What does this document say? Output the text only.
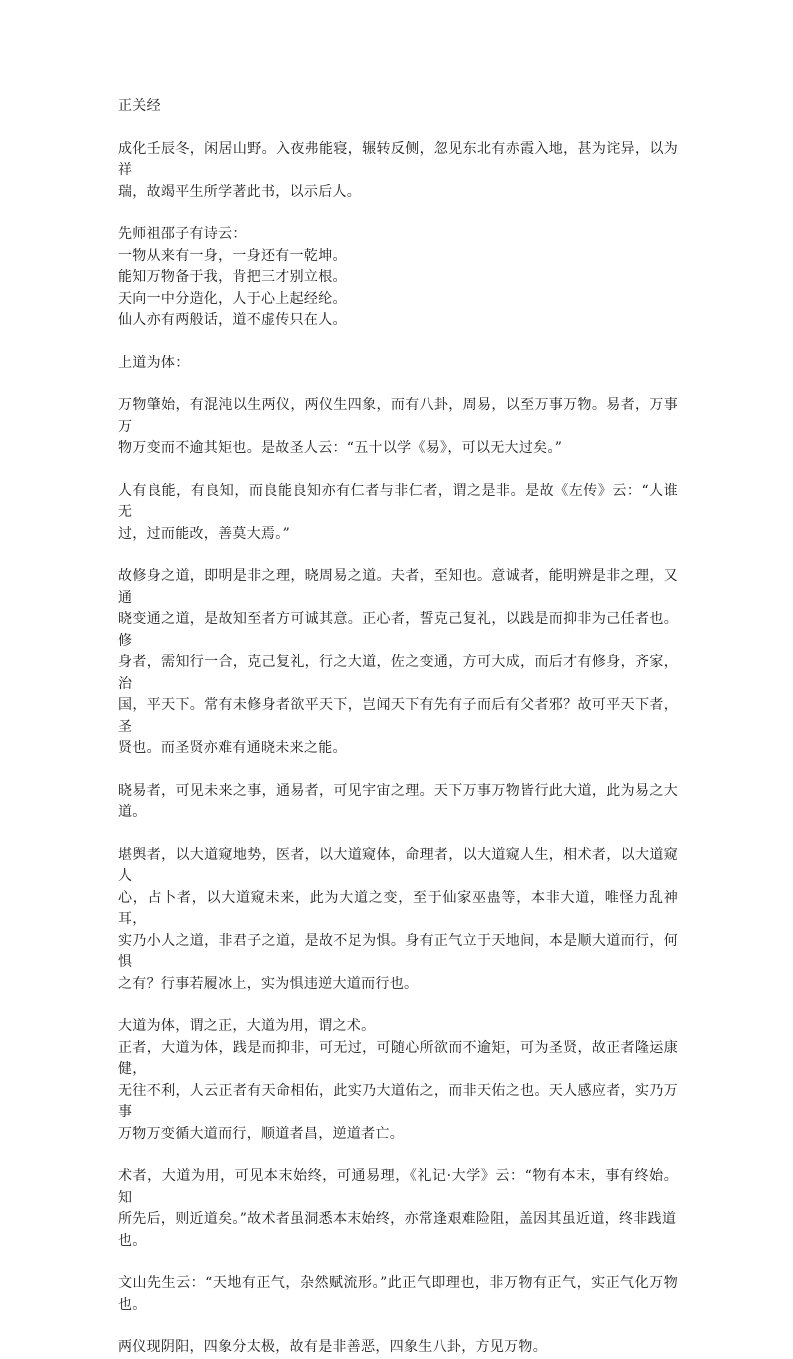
正关经
成化壬辰冬，闲居山野。入夜弗能寝，辗转反侧，忽见东北有赤霞入地，甚为诧异，以为祥
瑞，故竭平生所学著此书，以示后人。
先师祖邵子有诗云：
一物从来有一身，一身还有一乾坤。
能知万物备于我，肯把三才别立根。
天向一中分造化，人于心上起经纶。
仙人亦有两般话，道不虚传只在人。
上道为体：
万物肇始，有混沌以生两仪，两仪生四象，而有八卦，周易，以至万事万物。易者，万事万
物万变而不逾其矩也。是故圣人云：“五十以学《易》，可以无大过矣。”
人有良能，有良知，而良能良知亦有仁者与非仁者，谓之是非。是故《左传》云：“人谁无
过，过而能改，善莫大焉。”
故修身之道，即明是非之理，晓周易之道。夫者，至知也。意诚者，能明辨是非之理，又通
晓变通之道，是故知至者方可诚其意。正心者，誓克己复礼，以践是而抑非为己任者也。修
身者，需知行一合，克己复礼，行之大道，佐之变通，方可大成，而后才有修身，齐家，治
国，平天下。常有未修身者欲平天下，岂闻天下有先有子而后有父者邪？故可平天下者，圣
贤也。而圣贤亦难有通晓未来之能。
晓易者，可见未来之事，通易者，可见宇宙之理。天下万事万物皆行此大道，此为易之大道。
堪舆者，以大道窥地势，医者，以大道窥体，命理者，以大道窥人生，相术者，以大道窥人
心，占卜者，以大道窥未来，此为大道之变，至于仙家巫蛊等，本非大道，唯怪力乱神耳，
实乃小人之道，非君子之道，是故不足为惧。身有正气立于天地间，本是顺大道而行，何惧
之有？行事若履冰上，实为惧违逆大道而行也。
大道为体，谓之正，大道为用，谓之术。
正者，大道为体，践是而抑非，可无过，可随心所欲而不逾矩，可为圣贤，故正者隆运康健，
无往不利，人云正者有天命相佑，此实乃大道佑之，而非天佑之也。天人感应者，实乃万事
万物万变循大道而行，顺道者昌，逆道者亡。
术者，大道为用，可见本末始终，可通易理，《礼记·大学》云：“物有本末，事有终始。知
所先后，则近道矣。”故术者虽洞悉本末始终，亦常逢艰难险阻，盖因其虽近道，终非践道
也。
文山先生云：“天地有正气，杂然赋流形。”此正气即理也，非万物有正气，实正气化万物也。
两仪现阴阳，四象分太极，故有是非善恶，四象生八卦，方见万物。
